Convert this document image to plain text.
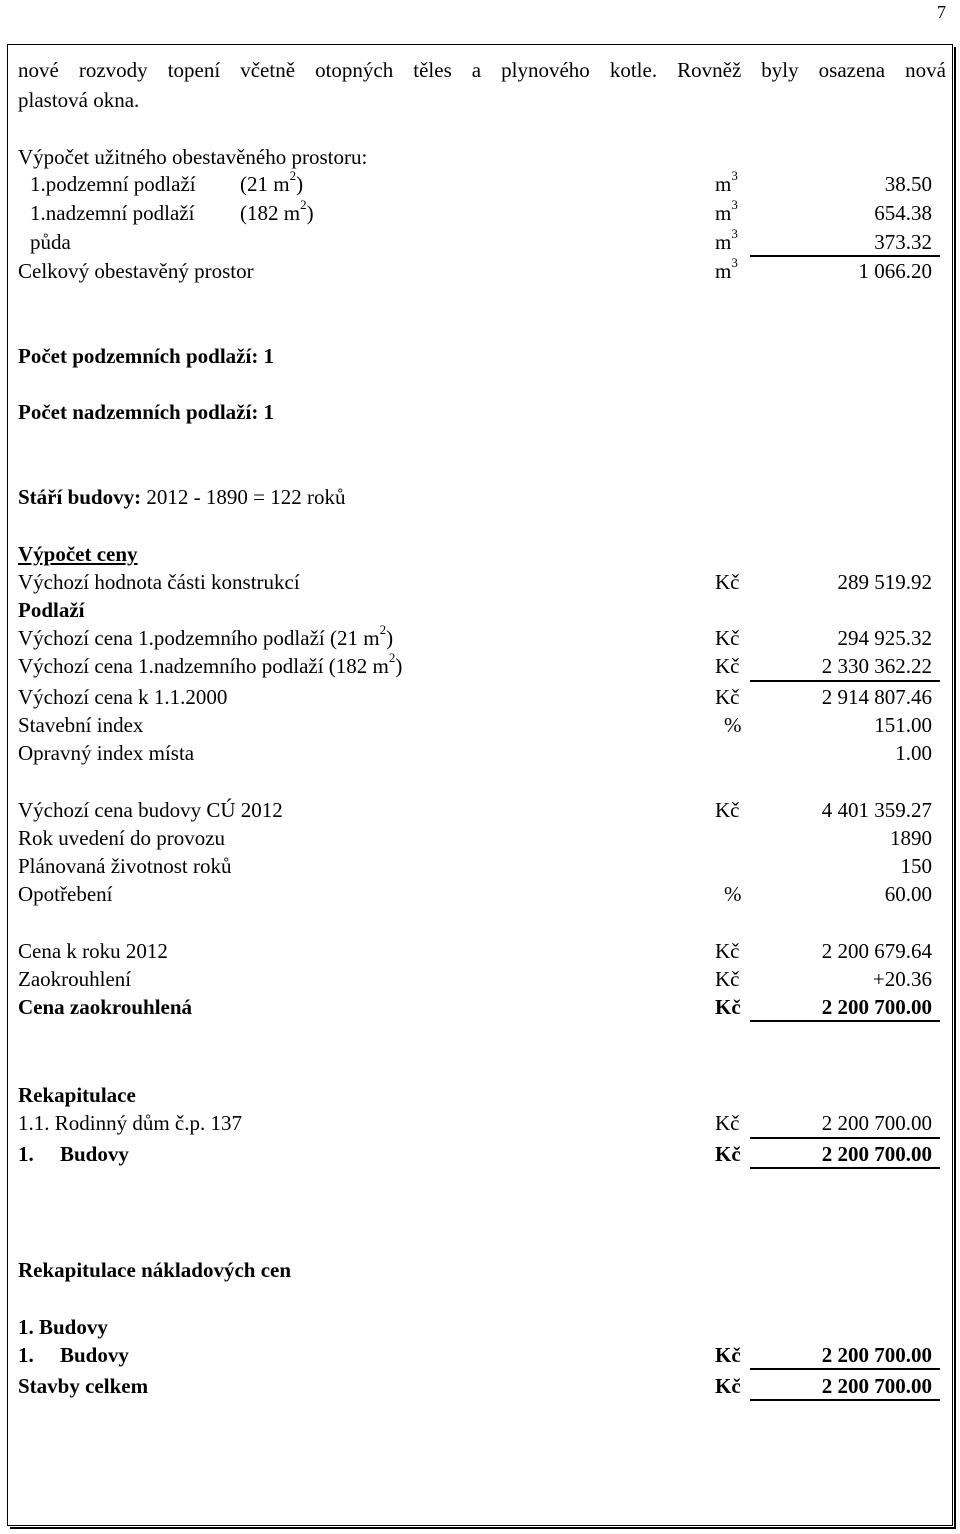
7
nové rozvody topení včetně otopných těles a plynového kotle. Rovněž byly osazena nová
plastová okna.
Výpočet užitného obestavěného prostoru:
1.podzemní podlaží (21 $m^2$)	$m^3$	38.50
1.nadzemní podlaží (182 $m^2$)	$m^3$	654.38
půda	$m^3$	373.32
Celkový obestavěný prostor	$m^3$	1 066.20
Počet podzemních podlaží: 1
Počet nadzemních podlaží: 1
Stáří budovy: 2012 - 1890 = 122 roků
Výpočet ceny
Výchozí hodnota části konstrukcí	Kč	289 519.92
Podlaží
Výchozí cena 1.podzemního podlaží (21 $m^2$)	Kč	294 925.32
Výchozí cena 1.nadzemního podlaží (182 $m^2$)	Kč	2 330 362.22
Výchozí cena k 1.1.2000	Kč	2 914 807.46
Stavební index	%	151.00
Opravný index místa	1.00
Výchozí cena budovy CÚ 2012	Kč	4 401 359.27
Rok uvedení do provozu	1890
Plánovaná životnost roků	150
Opotřebení	%	60.00
Cena k roku 2012	Kč	2 200 679.64
Zaokrouhlení	Kč	+20.36
Cena zaokrouhlená	Kč	2 200 700.00
Rekapitulace
1.1. Rodinný dům č.p. 137	Kč	2 200 700.00
1. Budovy	Kč	2 200 700.00
Rekapitulace nákladových cen
1. Budovy
1. Budovy	Kč	2 200 700.00
Stavby celkem	Kč	2 200 700.00
